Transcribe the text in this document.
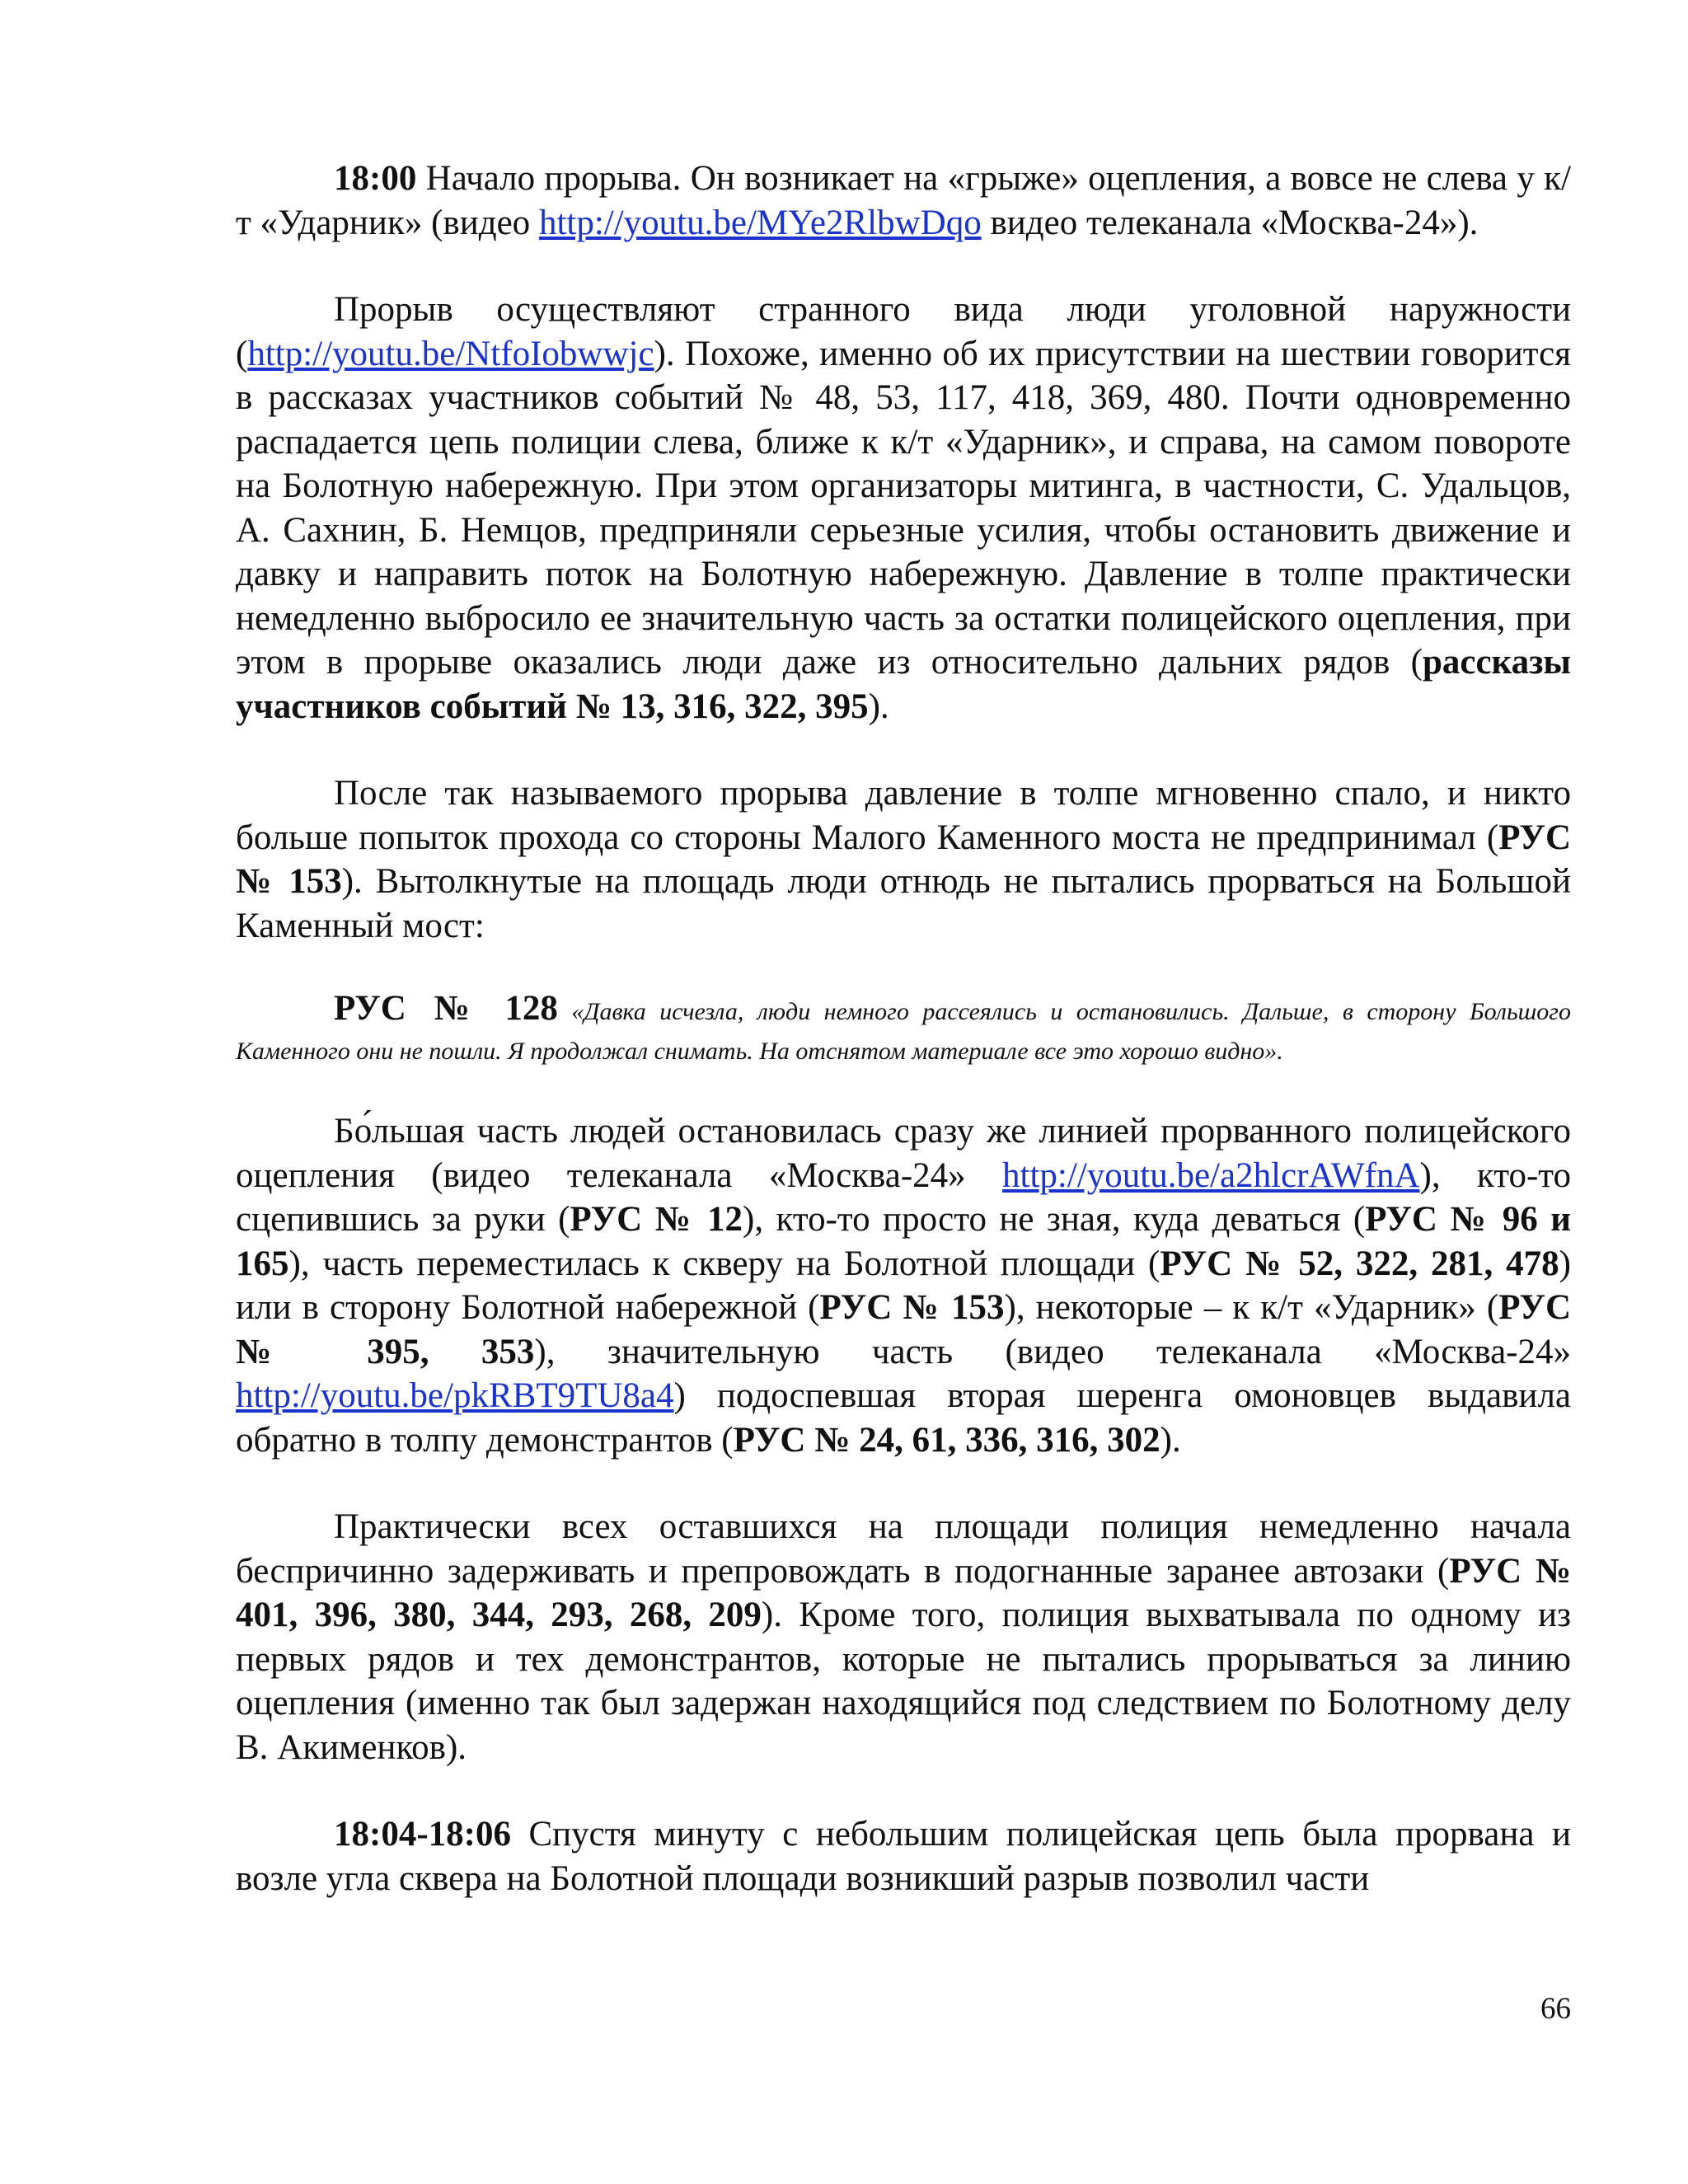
18:00 Начало прорыва. Он возникает на «грыже» оцепления, а вовсе не слева у к/т «Ударник» (видео http://youtu.be/MYe2RlbwDqo видео телеканала «Москва-24»).

Прорыв осуществляют странного вида люди уголовной наружности (http://youtu.be/NtfoIobwwjc). Похоже, именно об их присутствии на шествии говорится в рассказах участников событий № 48, 53, 117, 418, 369, 480. Почти одновременно распадается цепь полиции слева, ближе к к/т «Ударник», и справа, на самом повороте на Болотную набережную. При этом организаторы митинга, в частности, С. Удальцов, А. Сахнин, Б. Немцов, предприняли серьезные усилия, чтобы остановить движение и давку и направить поток на Болотную набережную. Давление в толпе практически немедленно выбросило ее значительную часть за остатки полицейского оцепления, при этом в прорыве оказались люди даже из относительно дальних рядов (рассказы участников событий № 13, 316, 322, 395).

После так называемого прорыва давление в толпе мгновенно спало, и никто больше попыток прохода со стороны Малого Каменного моста не предпринимал (РУС № 153). Вытолкнутые на площадь люди отнюдь не пытались прорваться на Большой Каменный мост:

РУС № 128 «Давка исчезла, люди немного рассеялись и остановились. Дальше, в сторону Большого Каменного они не пошли. Я продолжал снимать. На отснятом материале все это хорошо видно».

Бо́льшая часть людей остановилась сразу же линией прорванного полицейского оцепления (видео телеканала «Москва-24» http://youtu.be/a2hlcrAWfnA), кто-то сцепившись за руки (РУС № 12), кто-то просто не зная, куда деваться (РУС № 96 и 165), часть переместилась к скверу на Болотной площади (РУС № 52, 322, 281, 478) или в сторону Болотной набережной (РУС № 153), некоторые – к к/т «Ударник» (РУС № 395, 353), значительную часть (видео телеканала «Москва-24» http://youtu.be/pkRBT9TU8a4) подоспевшая вторая шеренга омоновцев выдавила обратно в толпу демонстрантов (РУС № 24, 61, 336, 316, 302).

Практически всех оставшихся на площади полиция немедленно начала беспричинно задерживать и препровождать в подогнанные заранее автозаки (РУС № 401, 396, 380, 344, 293, 268, 209). Кроме того, полиция выхватывала по одному из первых рядов и тех демонстрантов, которые не пытались прорываться за линию оцепления (именно так был задержан находящийся под следствием по Болотному делу В. Акименков).

18:04-18:06 Спустя минуту с небольшим полицейская цепь была прорвана и возле угла сквера на Болотной площади возникший разрыв позволил части

66
